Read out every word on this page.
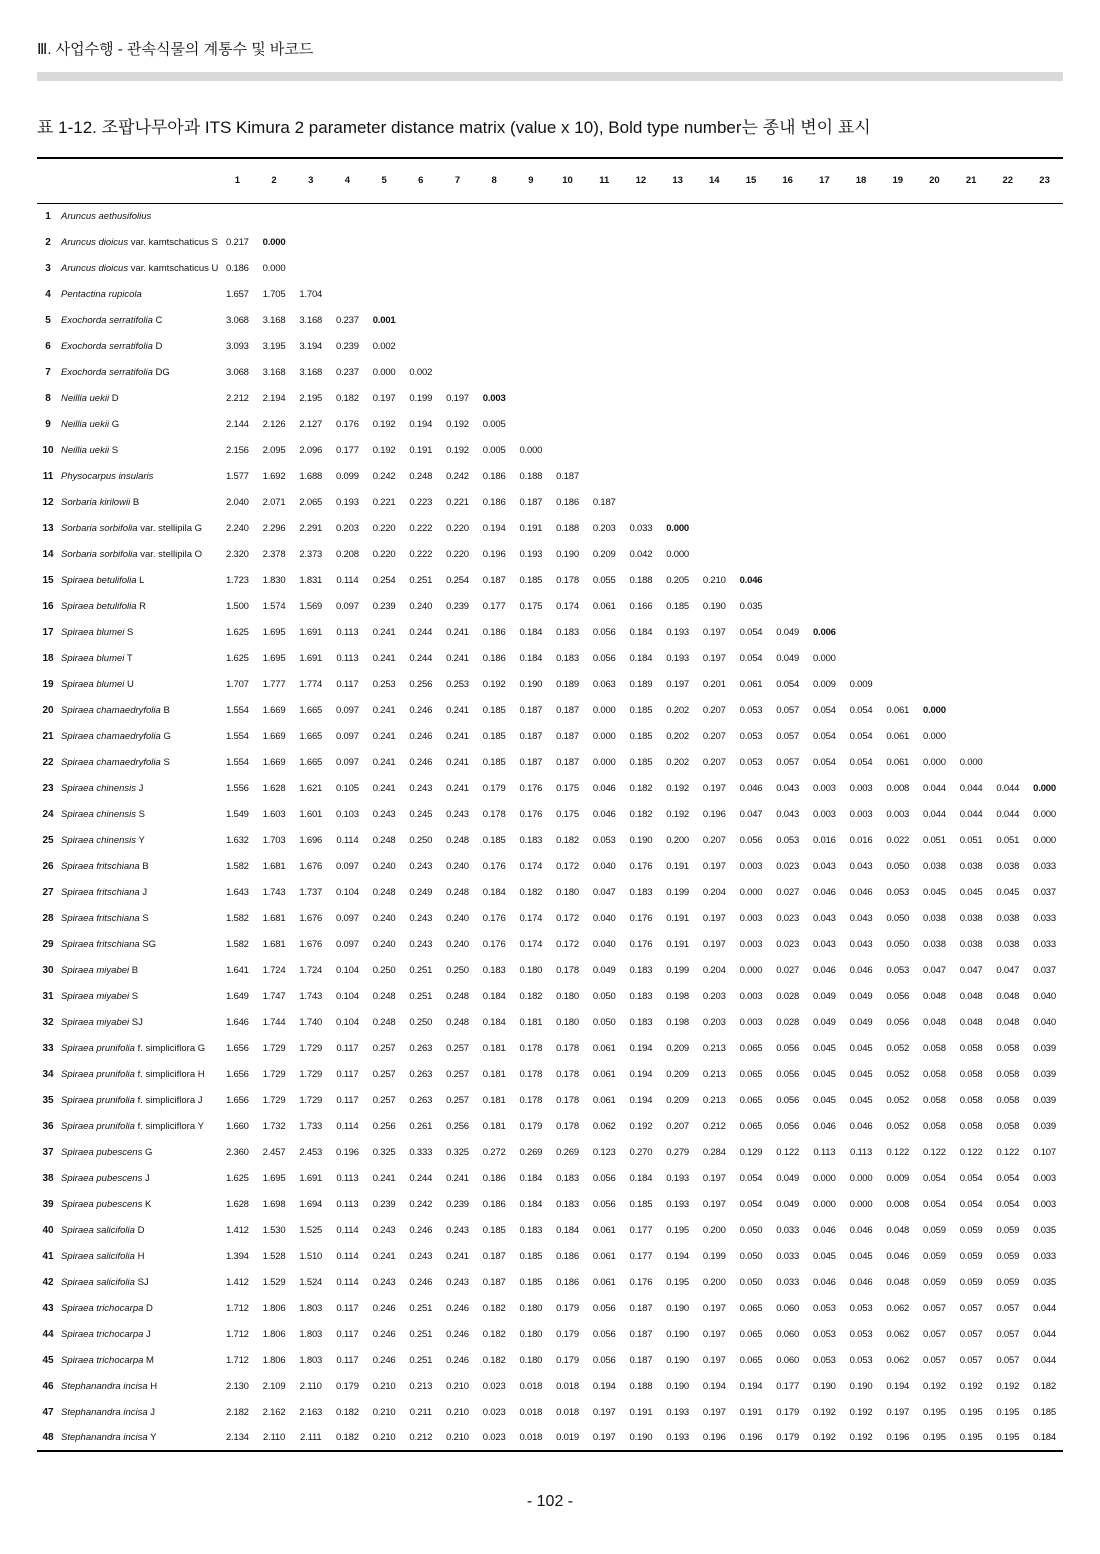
Ⅲ. 사업수행 - 관속식물의 계통수 및 바코드
표 1-12. 조팝나무아과 ITS Kimura 2 parameter distance matrix (value x 10), Bold type number는 종내 변이 표시
		1	2	3	4	5	6	7	8	9	10	11	12	13	14	15	16	17	18	19	20	21	22	23
1	Aruncus aethusifolius																							
2	Aruncus dioicus var. kamtschaticus S	0.217	0.000																					
3	Aruncus dioicus var. kamtschaticus U	0.186	0.000																					
4	Pentactina rupicola	1.657	1.705	1.704																				
5	Exochorda serratifolia C	3.068	3.168	3.168	0.237	0.001																		
6	Exochorda serratifolia D	3.093	3.195	3.194	0.239	0.002																		
7	Exochorda serratifolia DG	3.068	3.168	3.168	0.237	0.000	0.002																	
8	Neillia uekii D	2.212	2.194	2.195	0.182	0.197	0.199	0.197	0.003															
9	Neillia uekii G	2.144	2.126	2.127	0.176	0.192	0.194	0.192	0.005															
10	Neillia uekii S	2.156	2.095	2.096	0.177	0.192	0.191	0.192	0.005	0.000														
11	Physocarpus insularis	1.577	1.692	1.688	0.099	0.242	0.248	0.242	0.186	0.188	0.187													
12	Sorbaria kirilowii B	2.040	2.071	2.065	0.193	0.221	0.223	0.221	0.186	0.187	0.186	0.187												
13	Sorbaria sorbifolia var. stellipila G	2.240	2.296	2.291	0.203	0.220	0.222	0.220	0.194	0.191	0.188	0.203	0.033	0.000										
14	Sorbaria sorbifolia var. stellipila O	2.320	2.378	2.373	0.208	0.220	0.222	0.220	0.196	0.193	0.190	0.209	0.042	0.000										
15	Spiraea betulifolia L	1.723	1.830	1.831	0.114	0.254	0.251	0.254	0.187	0.185	0.178	0.055	0.188	0.205	0.210	0.046								
16	Spiraea betulifolia R	1.500	1.574	1.569	0.097	0.239	0.240	0.239	0.177	0.175	0.174	0.061	0.166	0.185	0.190	0.035								
17	Spiraea blumei S	1.625	1.695	1.691	0.113	0.241	0.244	0.241	0.186	0.184	0.183	0.056	0.184	0.193	0.197	0.054	0.049	0.006						
18	Spiraea blumei T	1.625	1.695	1.691	0.113	0.241	0.244	0.241	0.186	0.184	0.183	0.056	0.184	0.193	0.197	0.054	0.049	0.000						
19	Spiraea blumei U	1.707	1.777	1.774	0.117	0.253	0.256	0.253	0.192	0.190	0.189	0.063	0.189	0.197	0.201	0.061	0.054	0.009	0.009					
20	Spiraea chamaedryfolia B	1.554	1.669	1.665	0.097	0.241	0.246	0.241	0.185	0.187	0.187	0.000	0.185	0.202	0.207	0.053	0.057	0.054	0.054	0.061	0.000			
21	Spiraea chamaedryfolia G	1.554	1.669	1.665	0.097	0.241	0.246	0.241	0.185	0.187	0.187	0.000	0.185	0.202	0.207	0.053	0.057	0.054	0.054	0.061	0.000			
22	Spiraea chamaedryfolia S	1.554	1.669	1.665	0.097	0.241	0.246	0.241	0.185	0.187	0.187	0.000	0.185	0.202	0.207	0.053	0.057	0.054	0.054	0.061	0.000	0.000		
23	Spiraea chinensis J	1.556	1.628	1.621	0.105	0.241	0.243	0.241	0.179	0.176	0.175	0.046	0.182	0.192	0.197	0.046	0.043	0.003	0.003	0.008	0.044	0.044	0.044	0.000
24	Spiraea chinensis S	1.549	1.603	1.601	0.103	0.243	0.245	0.243	0.178	0.176	0.175	0.046	0.182	0.192	0.196	0.047	0.043	0.003	0.003	0.003	0.044	0.044	0.044	0.000
25	Spiraea chinensis Y	1.632	1.703	1.696	0.114	0.248	0.250	0.248	0.185	0.183	0.182	0.053	0.190	0.200	0.207	0.056	0.053	0.016	0.016	0.022	0.051	0.051	0.051	0.000
26	Spiraea fritschiana B	1.582	1.681	1.676	0.097	0.240	0.243	0.240	0.176	0.174	0.172	0.040	0.176	0.191	0.197	0.003	0.023	0.043	0.043	0.050	0.038	0.038	0.038	0.033
27	Spiraea fritschiana J	1.643	1.743	1.737	0.104	0.248	0.249	0.248	0.184	0.182	0.180	0.047	0.183	0.199	0.204	0.000	0.027	0.046	0.046	0.053	0.045	0.045	0.045	0.037
28	Spiraea fritschiana S	1.582	1.681	1.676	0.097	0.240	0.243	0.240	0.176	0.174	0.172	0.040	0.176	0.191	0.197	0.003	0.023	0.043	0.043	0.050	0.038	0.038	0.038	0.033
29	Spiraea fritschiana SG	1.582	1.681	1.676	0.097	0.240	0.243	0.240	0.176	0.174	0.172	0.040	0.176	0.191	0.197	0.003	0.023	0.043	0.043	0.050	0.038	0.038	0.038	0.033
30	Spiraea miyabei B	1.641	1.724	1.724	0.104	0.250	0.251	0.250	0.183	0.180	0.178	0.049	0.183	0.199	0.204	0.000	0.027	0.046	0.046	0.053	0.047	0.047	0.047	0.037
31	Spiraea miyabei S	1.649	1.747	1.743	0.104	0.248	0.251	0.248	0.184	0.182	0.180	0.050	0.183	0.198	0.203	0.003	0.028	0.049	0.049	0.056	0.048	0.048	0.048	0.040
32	Spiraea miyabei SJ	1.646	1.744	1.740	0.104	0.248	0.250	0.248	0.184	0.181	0.180	0.050	0.183	0.198	0.203	0.003	0.028	0.049	0.049	0.056	0.048	0.048	0.048	0.040
33	Spiraea prunifolia f. simpliciflora G	1.656	1.729	1.729	0.117	0.257	0.263	0.257	0.181	0.178	0.178	0.061	0.194	0.209	0.213	0.065	0.056	0.045	0.045	0.052	0.058	0.058	0.058	0.039
34	Spiraea prunifolia f. simpliciflora H	1.656	1.729	1.729	0.117	0.257	0.263	0.257	0.181	0.178	0.178	0.061	0.194	0.209	0.213	0.065	0.056	0.045	0.045	0.052	0.058	0.058	0.058	0.039
35	Spiraea prunifolia f. simpliciflora J	1.656	1.729	1.729	0.117	0.257	0.263	0.257	0.181	0.178	0.178	0.061	0.194	0.209	0.213	0.065	0.056	0.045	0.045	0.052	0.058	0.058	0.058	0.039
36	Spiraea prunifolia f. simpliciflora Y	1.660	1.732	1.733	0.114	0.256	0.261	0.256	0.181	0.179	0.178	0.062	0.192	0.207	0.212	0.065	0.056	0.046	0.046	0.052	0.058	0.058	0.058	0.039
37	Spiraea pubescens G	2.360	2.457	2.453	0.196	0.325	0.333	0.325	0.272	0.269	0.269	0.123	0.270	0.279	0.284	0.129	0.122	0.113	0.113	0.122	0.122	0.122	0.122	0.107
38	Spiraea pubescens J	1.625	1.695	1.691	0.113	0.241	0.244	0.241	0.186	0.184	0.183	0.056	0.184	0.193	0.197	0.054	0.049	0.000	0.000	0.009	0.054	0.054	0.054	0.003
39	Spiraea pubescens K	1.628	1.698	1.694	0.113	0.239	0.242	0.239	0.186	0.184	0.183	0.056	0.185	0.193	0.197	0.054	0.049	0.000	0.000	0.008	0.054	0.054	0.054	0.003
40	Spiraea salicifolia D	1.412	1.530	1.525	0.114	0.243	0.246	0.243	0.185	0.183	0.184	0.061	0.177	0.195	0.200	0.050	0.033	0.046	0.046	0.048	0.059	0.059	0.059	0.035
41	Spiraea salicifolia H	1.394	1.528	1.510	0.114	0.241	0.243	0.241	0.187	0.185	0.186	0.061	0.177	0.194	0.199	0.050	0.033	0.045	0.045	0.046	0.059	0.059	0.059	0.033
42	Spiraea salicifolia SJ	1.412	1.529	1.524	0.114	0.243	0.246	0.243	0.187	0.185	0.186	0.061	0.176	0.195	0.200	0.050	0.033	0.046	0.046	0.048	0.059	0.059	0.059	0.035
43	Spiraea trichocarpa D	1.712	1.806	1.803	0.117	0.246	0.251	0.246	0.182	0.180	0.179	0.056	0.187	0.190	0.197	0.065	0.060	0.053	0.053	0.062	0.057	0.057	0.057	0.044
44	Spiraea trichocarpa J	1.712	1.806	1.803	0.117	0.246	0.251	0.246	0.182	0.180	0.179	0.056	0.187	0.190	0.197	0.065	0.060	0.053	0.053	0.062	0.057	0.057	0.057	0.044
45	Spiraea trichocarpa M	1.712	1.806	1.803	0.117	0.246	0.251	0.246	0.182	0.180	0.179	0.056	0.187	0.190	0.197	0.065	0.060	0.053	0.053	0.062	0.057	0.057	0.057	0.044
46	Stephanandra incisa H	2.130	2.109	2.110	0.179	0.210	0.213	0.210	0.023	0.018	0.018	0.194	0.188	0.190	0.194	0.194	0.177	0.190	0.190	0.194	0.192	0.192	0.192	0.182
47	Stephanandra incisa J	2.182	2.162	2.163	0.182	0.210	0.211	0.210	0.023	0.018	0.018	0.197	0.191	0.193	0.197	0.191	0.179	0.192	0.192	0.197	0.195	0.195	0.195	0.185
48	Stephanandra incisa Y	2.134	2.110	2.111	0.182	0.210	0.212	0.210	0.023	0.018	0.019	0.197	0.190	0.193	0.196	0.196	0.179	0.192	0.192	0.196	0.195	0.195	0.195	0.184
- 102 -
